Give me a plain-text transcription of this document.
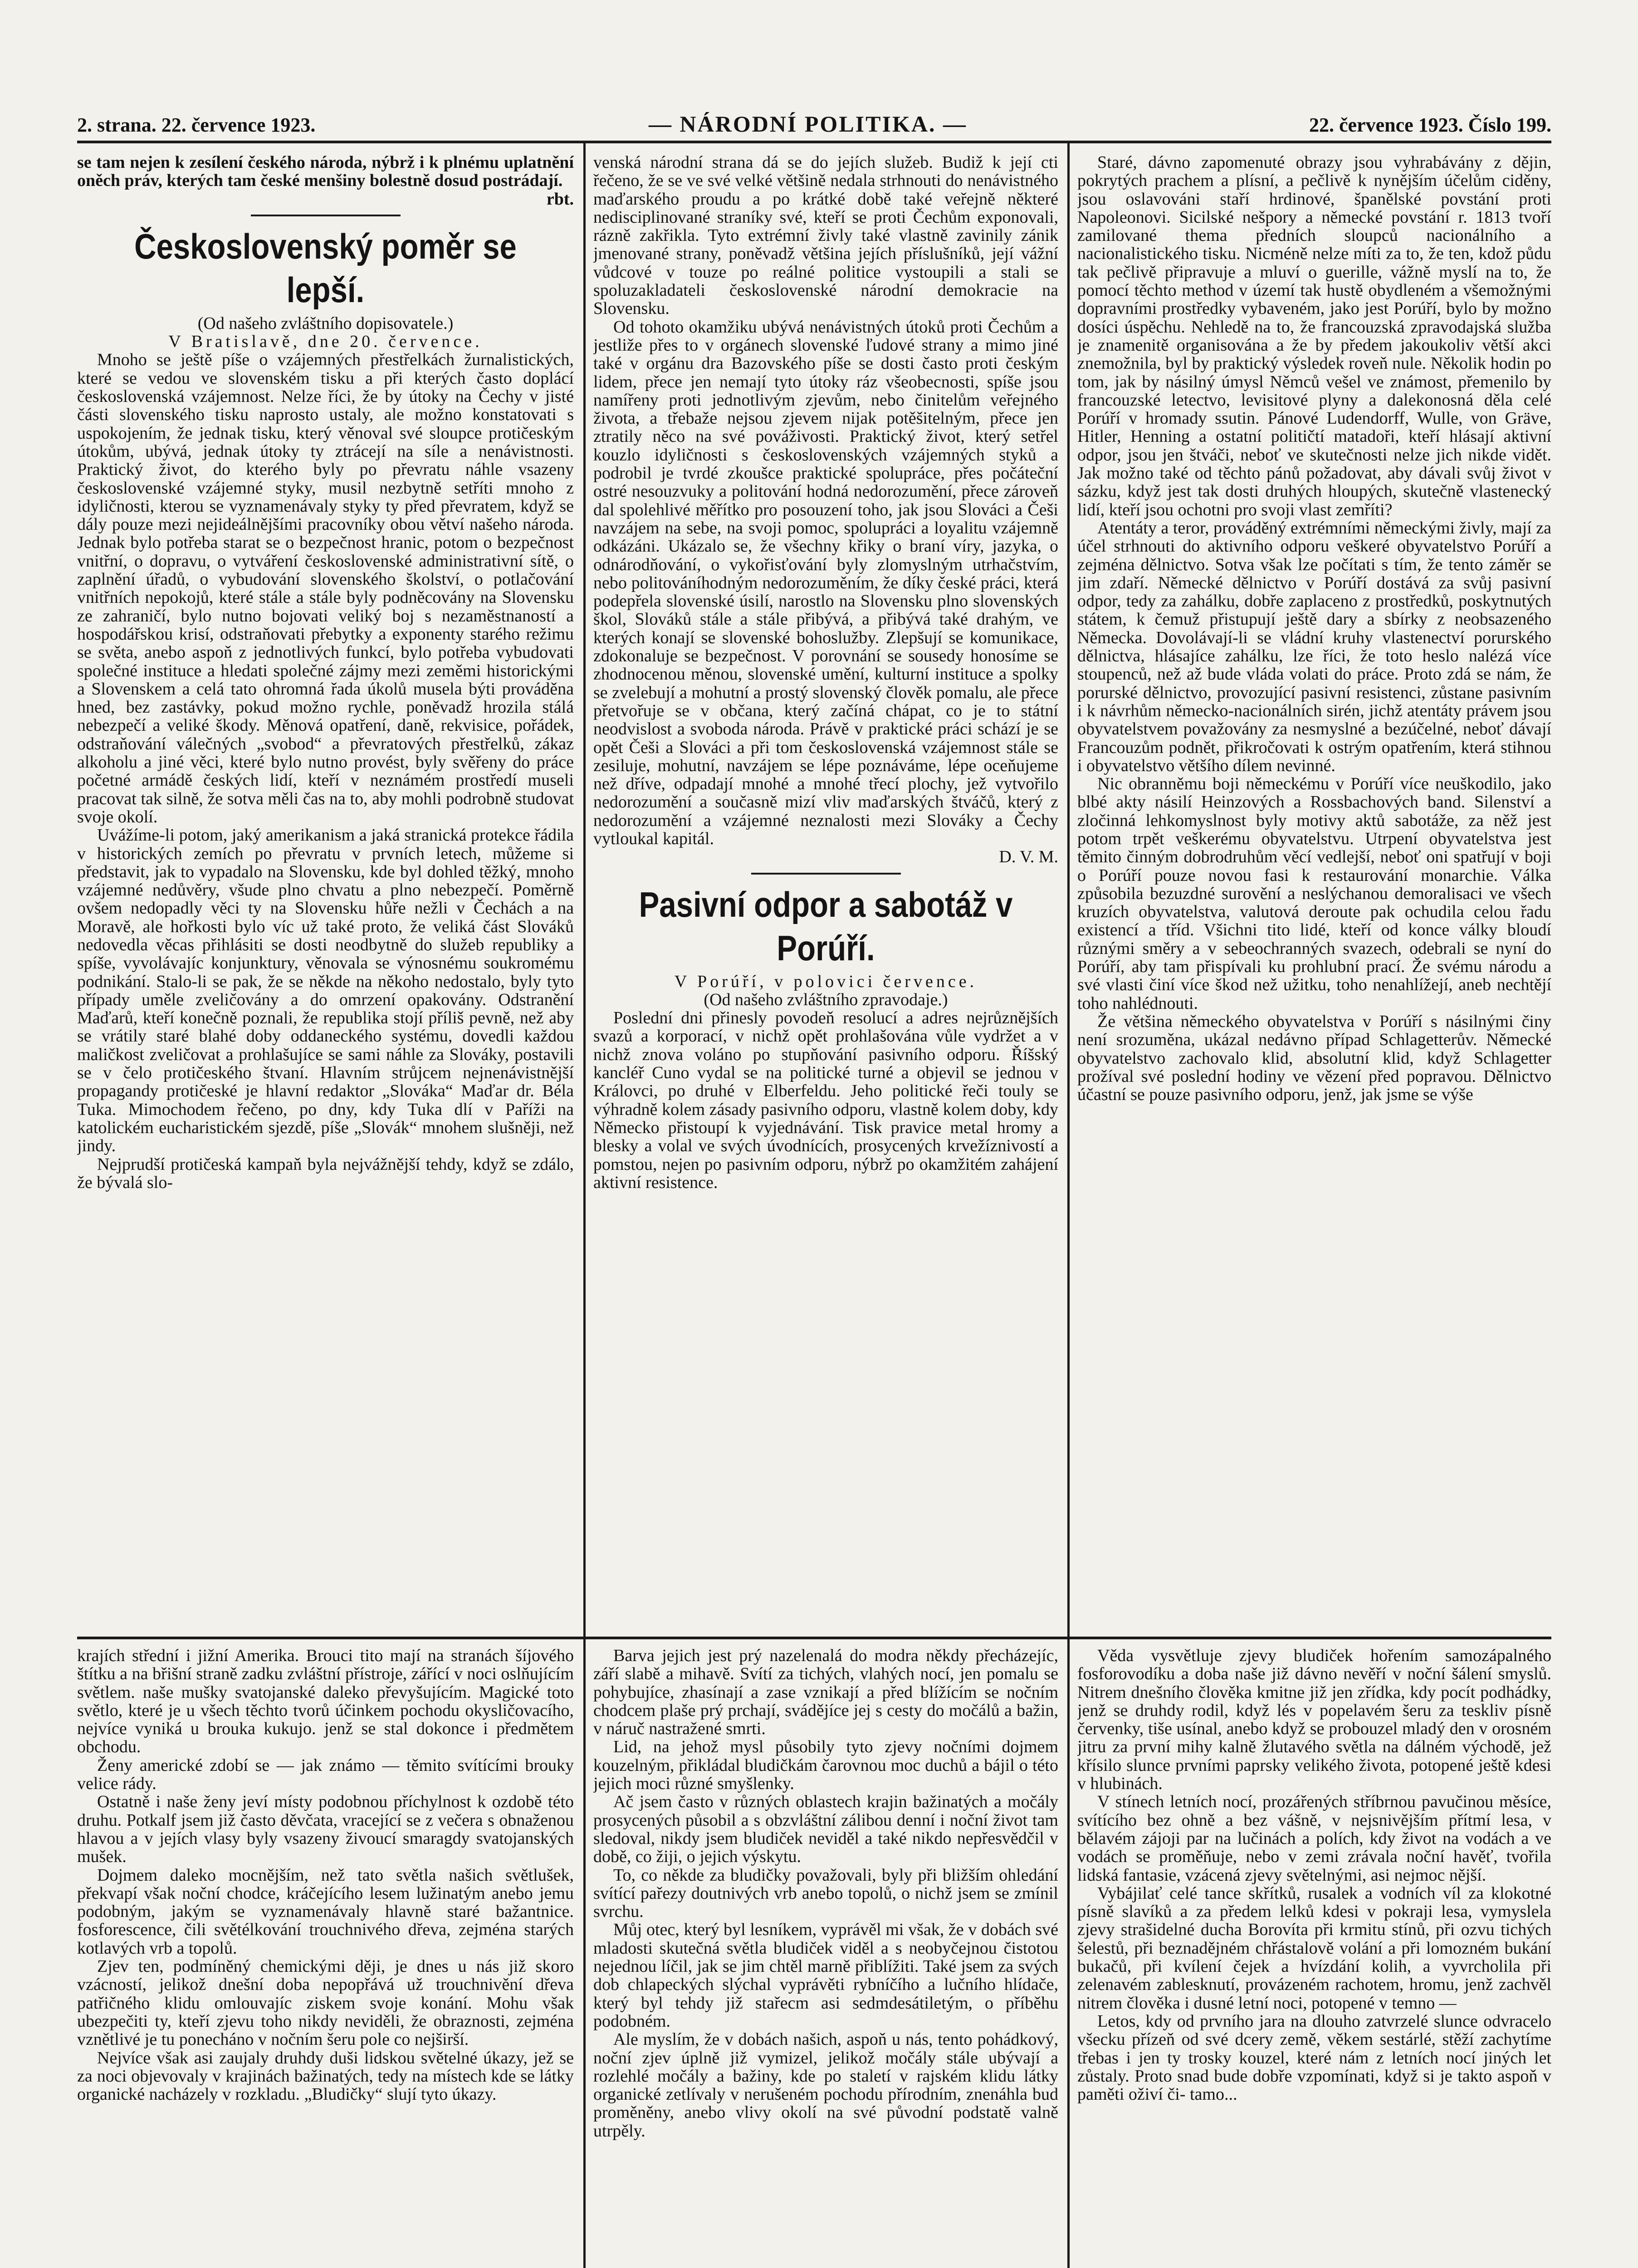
2. strana. 22. července 1923.	— NÁRODNÍ POLITIKA. —	22. července 1923. Číslo 199.

se tam nejen k zesílení českého národa, nýbrž i k plnému uplatnění oněch práv, kterých tam české menšiny bolestně dosud postrádají.

rbt.

Československý poměr se lepší.

(Od našeho zvláštního dopisovatele.)

V Bratislavě, dne 20. července.

Mnoho se ještě píše o vzájemných přestřelkách žurnalistických, které se vedou ve slovenském tisku a při kterých často doplácí československá vzájemnost. Nelze říci, že by útoky na Čechy v jisté části slovenského tisku naprosto ustaly, ale možno konstatovati s uspokojením, že jednak tisku, který věnoval své sloupce protičeským útokům, ubývá, jednak útoky ty ztrácejí na síle a nenávistnosti. Praktický život, do kterého byly po převratu náhle vsazeny československé vzájemné styky, musil nezbytně setříti mnoho z idyličnosti, kterou se vyznamenávaly styky ty před převratem, když se dály pouze mezi nejideálnějšími pracovníky obou větví našeho národa. Jednak bylo potřeba starat se o bezpečnost hranic, potom o bezpečnost vnitřní, o dopravu, o vytváření československé administrativní sítě, o zaplnění úřadů, o vybudování slovenského školství, o potlačování vnitřních nepokojů, které stále a stále byly podněcovány na Slovensku ze zahraničí, bylo nutno bojovati veliký boj s nezaměstnaností a hospodářskou krisí, odstraňovati přebytky a exponenty starého režimu se světa, anebo aspoň z jednotlivých funkcí, bylo potřeba vybudovati společné instituce a hledati společné zájmy mezi zeměmi historickými a Slovenskem a celá tato ohromná řada úkolů musela býti prováděna hned, bez zastávky, pokud možno rychle, poněvadž hrozila stálá nebezpečí a veliké škody. Měnová opatření, daně, rekvisice, pořádek, odstraňování válečných „svobod“ a převratových přestřelků, zákaz alkoholu a jiné věci, které bylo nutno provést, byly svěřeny do práce početné armádě českých lidí, kteří v neznámém prostředí museli pracovat tak silně, že sotva měli čas na to, aby mohli podrobně studovat svoje okolí.

Uvážíme-li potom, jaký amerikanism a jaká stranická protekce řádila v historických zemích po převratu v prvních letech, můžeme si představit, jak to vypadalo na Slovensku, kde byl dohled těžký, mnoho vzájemné nedůvěry, všude plno chvatu a plno nebezpečí. Poměrně ovšem nedopadly věci ty na Slovensku hůře nežli v Čechách a na Moravě, ale hořkosti bylo víc už také proto, že veliká část Slováků nedovedla věcas přihlásiti se dosti neodbytně do služeb republiky a spíše, vyvolávajíc konjunktury, věnovala se výnosnému soukromému podnikání. Stalo-li se pak, že se někde na někoho nedostalo, byly tyto případy uměle zveličovány a do omrzení opakovány. Odstranění Maďarů, kteří konečně poznali, že republika stojí příliš pevně, než aby se vrátily staré blahé doby oddaneckého systému, dovedli každou maličkost zveličovat a prohlašujíce se sami náhle za Slováky, postavili se v čelo protičeského štvaní. Hlavním strůjcem nejnenávistnější propagandy protičeské je hlavní redaktor „Slováka“ Maďar dr. Béla Tuka. Mimochodem řečeno, po dny, kdy Tuka dlí v Paříži na katolickém eucharistickém sjezdě, píše „Slovák“ mnohem slušněji, než jindy.

Nejprudší protičeská kampaň byla nejvážnější tehdy, když se zdálo, že bývalá slo-

venská národní strana dá se do jejích služeb. Budiž k její cti řečeno, že se ve své velké většině nedala strhnouti do nenávistného maďarského proudu a po krátké době také veřejně některé nedisciplinované straníky své, kteří se proti Čechům exponovali, rázně zakřikla. Tyto extrémní živly také vlastně zavinily zánik jmenované strany, poněvadž většina jejích příslušníků, její vážní vůdcové v touze po reálné politice vystoupili a stali se spoluzakladateli československé národní demokracie na Slovensku.

Od tohoto okamžiku ubývá nenávistných útoků proti Čechům a jestliže přes to v orgánech slovenské ľudové strany a mimo jiné také v orgánu dra Bazovského píše se dosti často proti českým lidem, přece jen nemají tyto útoky ráz všeobecnosti, spíše jsou namířeny proti jednotlivým zjevům, nebo činitelům veřejného života, a třebaže nejsou zjevem nijak potěšitelným, přece jen ztratily něco na své pováživosti. Praktický život, který setřel kouzlo idyličnosti s československých vzájemných styků a podrobil je tvrdé zkoušce praktické spolupráce, přes počáteční ostré nesouzvuky a politování hodná nedorozumění, přece zároveň dal spolehlivé měřítko pro posouzení toho, jak jsou Slováci a Češi navzájem na sebe, na svoji pomoc, spolupráci a loyalitu vzájemně odkázáni. Ukázalo se, že všechny křiky o braní víry, jazyka, o odnárodňování, o vykořisťování byly zlomyslným utrhačstvím, nebo politováníhodným nedorozuměním, že díky české práci, která podepřela slovenské úsilí, narostlo na Slovensku plno slovenských škol, Slováků stále a stále přibývá, a přibývá také drahým, ve kterých konají se slovenské bohoslužby. Zlepšují se komunikace, zdokonaluje se bezpečnost. V porovnání se sousedy honosíme se zhodnocenou měnou, slovenské umění, kulturní instituce a spolky se zvelebují a mohutní a prostý slovenský člověk pomalu, ale přece přetvořuje se v občana, který začíná chápat, co je to státní neodvislost a svoboda národa. Právě v praktické práci schází je se opět Češi a Slováci a při tom československá vzájemnost stále se zesiluje, mohutní, navzájem se lépe poznáváme, lépe oceňujeme než dříve, odpadají mnohé a mnohé třecí plochy, jež vytvořilo nedorozumění a současně mizí vliv maďarských štváčů, který z nedorozumění a vzájemné neznalosti mezi Slováky a Čechy vytloukal kapitál.

D. V. M.

Pasivní odpor a sabotáž v Porúří.

V Porúří, v polovici července.

(Od našeho zvláštního zpravodaje.)

Poslední dni přinesly povodeň resolucí a adres nejrůznějších svazů a korporací, v nichž opět prohlašována vůle vydržet a v nichž znova voláno po stupňování pasivního odporu. Říšský kancléř Cuno vydal se na politické turné a objevil se jednou v Královci, po druhé v Elberfeldu. Jeho politické řeči touly se výhradně kolem zásady pasivního odporu, vlastně kolem doby, kdy Německo přistoupí k vyjednávání. Tisk pravice metal hromy a blesky a volal ve svých úvodnících, prosycených krvežíznivostí a pomstou, nejen po pasivním odporu, nýbrž po okamžitém zahájení aktivní resistence.

Staré, dávno zapomenuté obrazy jsou vyhrabávány z dějin, pokrytých prachem a plísní, a pečlivě k nynějším účelům ciděny, jsou oslavováni staří hrdinové, španělské povstání proti Napoleonovi. Sicilské nešpory a německé povstání r. 1813 tvoří zamilované thema předních sloupců nacionálního a nacionalistického tisku. Nicméně nelze míti za to, že ten, kdož půdu tak pečlivě připravuje a mluví o guerille, vážně myslí na to, že pomocí těchto method v území tak hustě obydleném a všemožnými dopravními prostředky vybaveném, jako jest Porúří, bylo by možno dosíci úspěchu. Nehledě na to, že francouzská zpravodajská služba je znamenitě organisována a že by předem jakoukoliv větší akci znemožnila, byl by praktický výsledek roveň nule. Několik hodin po tom, jak by násilný úmysl Němců vešel ve známost, přemenilo by francouzské letectvo, levisitové plyny a dalekonosná děla celé Porúří v hromady ssutin. Pánové Ludendorff, Wulle, von Gräve, Hitler, Henning a ostatní političtí matadoři, kteří hlásají aktivní odpor, jsou jen štváči, neboť ve skutečnosti nelze jich nikde vidět. Jak možno také od těchto pánů požadovat, aby dávali svůj život v sázku, když jest tak dosti druhých hloupých, skutečně vlastenecký lidí, kteří jsou ochotni pro svoji vlast zemříti?

Atentáty a teror, prováděný extrémními německými živly, mají za účel strhnouti do aktivního odporu veškeré obyvatelstvo Porúří a zejména dělnictvo. Sotva však lze počítati s tím, že tento záměr se jim zdaří. Německé dělnictvo v Porúří dostává za svůj pasivní odpor, tedy za zahálku, dobře zaplaceno z prostředků, poskytnutých státem, k čemuž přistupují ještě dary a sbírky z neobsazeného Německa. Dovolávají-li se vládní kruhy vlastenectví porurského dělnictva, hlásajíce zahálku, lze říci, že toto heslo nalézá více stoupenců, než až bude vláda volati do práce. Proto zdá se nám, že porurské dělnictvo, provozující pasivní resistenci, zůstane pasivním i k návrhům německo-nacionálních sirén, jichž atentáty právem jsou obyvatelstvem považovány za nesmyslné a bezúčelné, neboť dávají Francouzům podnět, přikročovati k ostrým opatřením, která stihnou i obyvatelstvo většího dílem nevinné.

Nic obranněmu boji německému v Porúří více neuškodilo, jako blbé akty násilí Heinzových a Rossbachových band. Silenství a zločinná lehkomyslnost byly motivy aktů sabotáže, za něž jest potom trpět veškerému obyvatelstvu. Utrpení obyvatelstva jest těmito činným dobrodruhům věcí vedlejší, neboť oni spatřují v boji o Porúří pouze novou fasi k restaurování monarchie. Válka způsobila bezuzdné surovění a neslýchanou demoralisaci ve všech kruzích obyvatelstva, valutová deroute pak ochudila celou řadu existencí a tříd. Všichni tito lidé, kteří od konce války bloudí různými směry a v sebeochranných svazech, odebrali se nyní do Porúří, aby tam přispívali ku prohlubní prací. Že svému národu a své vlasti činí více škod než užitku, toho nenahlížejí, aneb nechtějí toho nahlédnouti.

Že většina německého obyvatelstva v Porúří s násilnými činy není srozuměna, ukázal nedávno případ Schlagetterův. Německé obyvatelstvo zachovalo klid, absolutní klid, když Schlagetter prožíval své poslední hodiny ve vězení před popravou. Dělnictvo účastní se pouze pasivního odporu, jenž, jak jsme se výše

krajích střední i jižní Amerika. Brouci tito mají na stranách šíjového štítku a na břišní straně zadku zvláštní přístroje, zářící v noci oslňujícím světlem. naše mušky svatojanské daleko převyšujícím. Magické toto světlo, které je u všech těchto tvorů účinkem pochodu okysličovacího, nejvíce vyniká u brouka kukujo. jenž se stal dokonce i předmětem obchodu.

Ženy americké zdobí se — jak známo — těmito svítícími brouky velice rády.

Ostatně i naše ženy jeví místy podobnou příchylnost k ozdobě této druhu. Potkalf jsem již často děvčata, vracející se z večera s obnaženou hlavou a v jejích vlasy byly vsazeny živoucí smaragdy svatojanských mušek.

Dojmem daleko mocnějším, než tato světla našich světlušek, překvapí však noční chodce, kráčejícího lesem lužinatým anebo jemu podobným, jakým se vyznamenávaly hlavně staré bažantnice. fosforescence, čili světélkování trouchnivého dřeva, zejména starých kotlavých vrb a topolů.

Zjev ten, podmíněný chemickými ději, je dnes u nás již skoro vzácností, jelikož dnešní doba nepopřává už trouchnivění dřeva patřičného klidu omlouvajíc ziskem svoje konání. Mohu však ubezpečiti ty, kteří zjevu toho nikdy neviděli, že obraznosti, zejména vznětlivé je tu ponecháno v nočním šeru pole co nejširší.

Nejvíce však asi zaujaly druhdy duši lidskou světelné úkazy, jež se za noci objevovaly v krajinách bažinatých, tedy na místech kde se látky organické nacházely v rozkladu. „Bludičky“ slují tyto úkazy.

Barva jejich jest prý nazelenalá do modra někdy přecházejíc, září slabě a mihavě. Svítí za tichých, vlahých nocí, jen pomalu se pohybujíce, zhasínají a zase vznikají a před blížícím se nočním chodcem plaše prý prchají, svádějíce jej s cesty do močálů a bažin, v náruč nastražené smrti.

Lid, na jehož mysl působily tyto zjevy nočními dojmem kouzelným, přikládal bludičkám čarovnou moc duchů a bájil o této jejich moci různé smyšlenky.

Ač jsem často v různých oblastech krajin bažinatých a močály prosycených působil a s obzvláštní zálibou denní i noční život tam sledoval, nikdy jsem bludiček neviděl a také nikdo nepřesvědčil v době, co žiji, o jejich výskytu.

To, co někde za bludičky považovali, byly při bližším ohledání svítící pařezy doutnivých vrb anebo topolů, o nichž jsem se zmínil svrchu.

Můj otec, který byl lesníkem, vyprávěl mi však, že v dobách své mladosti skutečná světla bludiček viděl a s neobyčejnou čistotou nejednou líčil, jak se jim chtěl marně přiblížiti. Také jsem za svých dob chlapeckých slýchal vyprávěti rybníčího a lučního hlídače, který byl tehdy již stařecm asi sedmdesátiletým, o příběhu podobném.

Ale myslím, že v dobách našich, aspoň u nás, tento pohádkový, noční zjev úplně již vymizel, jelikož močály stále ubývají a rozlehlé močály a bažiny, kde po staletí v rajském klidu látky organické zetlívaly v nerušeném pochodu přírodním, znenáhla bud proměněny, anebo vlivy okolí na své původní podstatě valně utrpěly.

Věda vysvětluje zjevy bludiček hořením samozápalného fosforovodíku a doba naše již dávno nevěří v noční šálení smyslů. Nitrem dnešního člověka kmitne již jen zřídka, kdy pocít podhádky, jenž se druhdy rodil, když lés v popelavém šeru za teskliv písně červenky, tiše usínal, anebo když se probouzel mladý den v orosném jitru za první mihy kalně žlutavého světla na dálném východě, jež křísilo slunce prvními paprsky velikého života, potopené ještě kdesi v hlubinách.

V stínech letních nocí, prozářených stříbrnou pavučinou měsíce, svítícího bez ohně a bez vášně, v nejsnivějším přítmí lesa, v bělavém zájoji par na lučinách a polích, kdy život na vodách a ve vodách se proměňuje, nebo v zemi zrávala noční havěť, tvořila lidská fantasie, vzácená zjevy světelnými, asi nejmoc nější.

Vybájilať celé tance skřítků, rusalek a vodních víl za klokotné písně slavíků a za předem lelků kdesi v pokraji lesa, vymyslela zjevy strašidelné ducha Borovíta při krmitu stínů, při ozvu tichých šelestů, při beznadějném chřástalově volání a při lomozném bukání bukačů, při kvílení čejek a hvízdání kolih, a vyvrcholila při zelenavém zablesknutí, provázeném rachotem, hromu, jenž zachvěl nitrem člověka i dusné letní noci, potopené v temno —

Letos, kdy od prvního jara na dlouho zatvrzelé slunce odvracelo všecku přízeň od své dcery země, věkem sestárlé, stěží zachytíme třebas i jen ty trosky kouzel, které nám z letních nocí jiných let zůstaly. Proto snad bude dobře vzpomínati, když si je takto aspoň v paměti oživí či- tamo...
